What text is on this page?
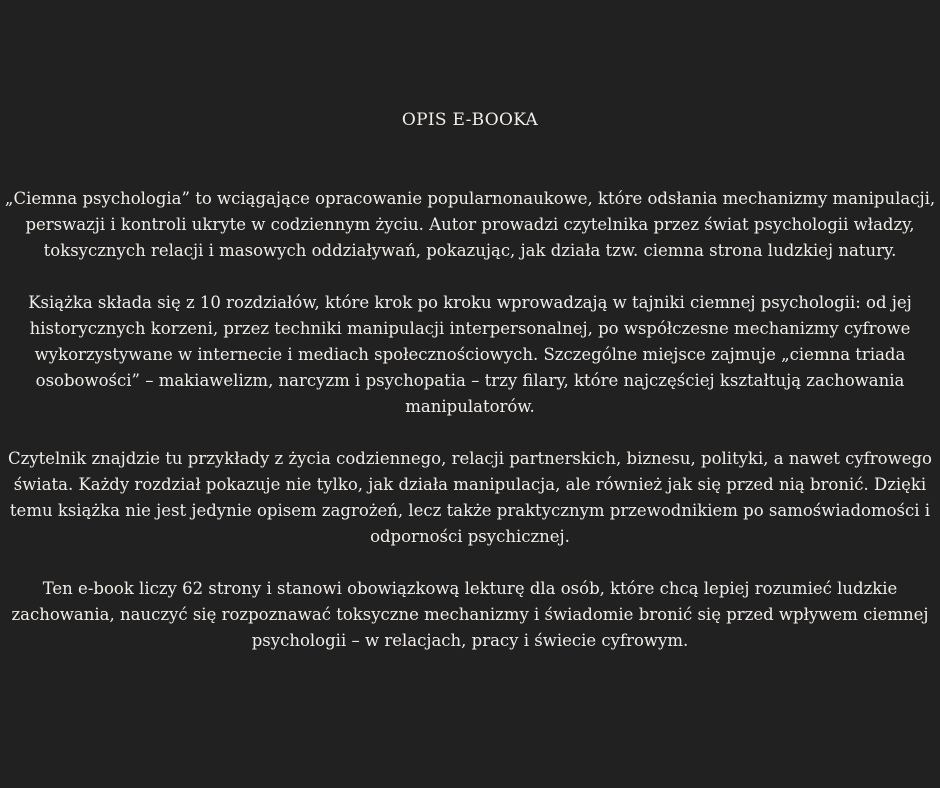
OPIS E-BOOKA

„Ciemna psychologia” to wciągające opracowanie popularnonaukowe, które odsłania mechanizmy manipulacji, perswazji i kontroli ukryte w codziennym życiu. Autor prowadzi czytelnika przez świat psychologii władzy, toksycznych relacji i masowych oddziaływań, pokazując, jak działa tzw. ciemna strona ludzkiej natury.

Książka składa się z 10 rozdziałów, które krok po kroku wprowadzają w tajniki ciemnej psychologii: od jej historycznych korzeni, przez techniki manipulacji interpersonalnej, po współczesne mechanizmy cyfrowe wykorzystywane w internecie i mediach społecznościowych. Szczególne miejsce zajmuje „ciemna triada osobowości” – makiawelizm, narcyzm i psychopatia – trzy filary, które najczęściej kształtują zachowania manipulatorów.

Czytelnik znajdzie tu przykłady z życia codziennego, relacji partnerskich, biznesu, polityki, a nawet cyfrowego świata. Każdy rozdział pokazuje nie tylko, jak działa manipulacja, ale również jak się przed nią bronić. Dzięki temu książka nie jest jedynie opisem zagrożeń, lecz także praktycznym przewodnikiem po samoświadomości i odporności psychicznej.

Ten e-book liczy 62 strony i stanowi obowiązkową lekturę dla osób, które chcą lepiej rozumieć ludzkie zachowania, nauczyć się rozpoznawać toksyczne mechanizmy i świadomie bronić się przed wpływem ciemnej psychologii – w relacjach, pracy i świecie cyfrowym.
